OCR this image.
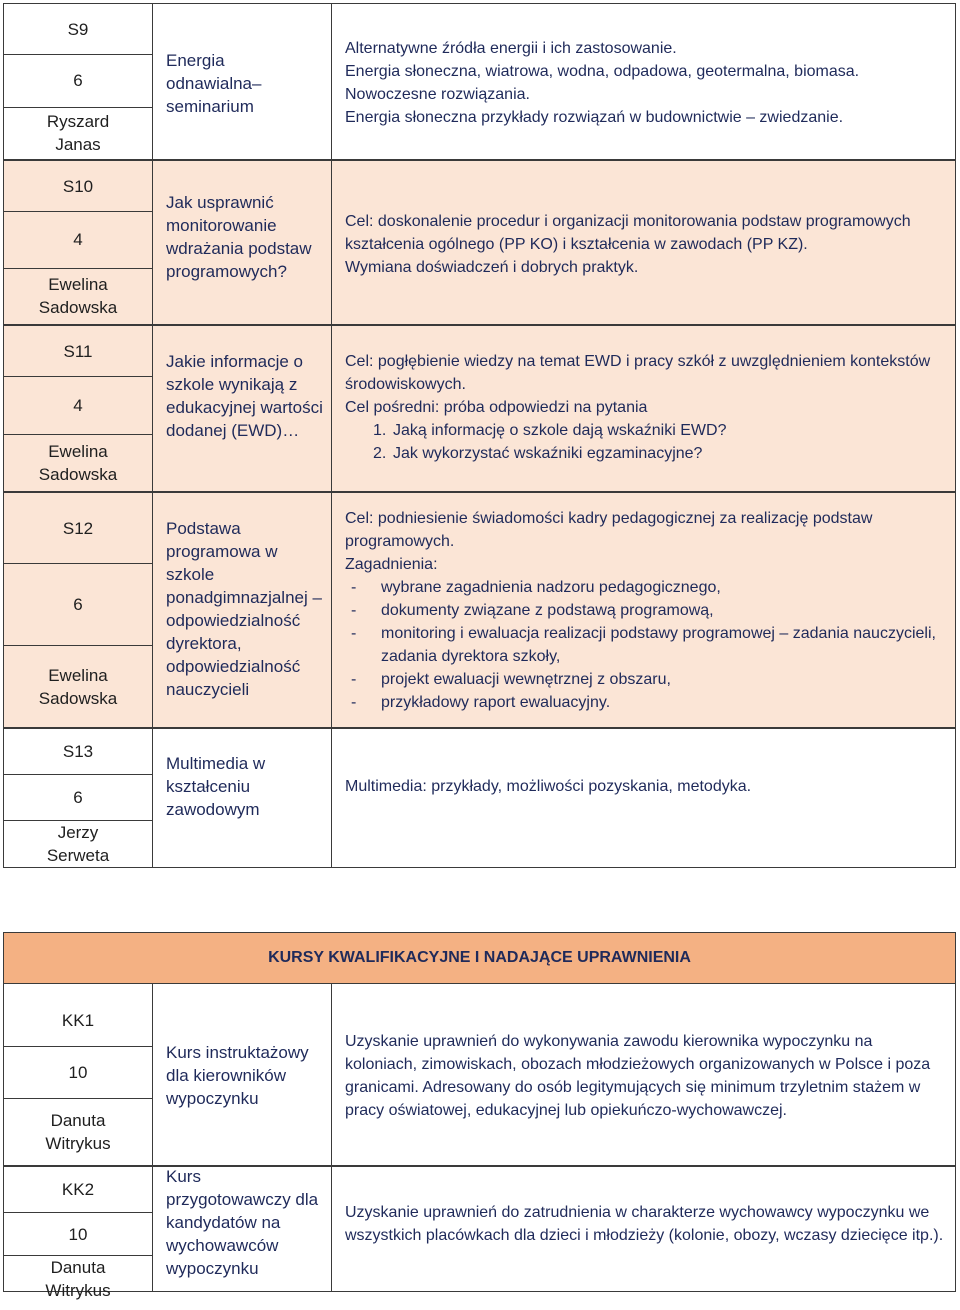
S9
6
Ryszard Janas
Energia odnawialna– seminarium

Alternatywne źródła energii i ich zastosowanie.

Energia słoneczna, wiatrowa, wodna, odpadowa, geotermalna, biomasa.

Nowoczesne rozwiązania.

Energia słoneczna przykłady rozwiązań w budownictwie – zwiedzanie.

S10
4
Ewelina Sadowska
Jak usprawnić monitorowanie wdrażania podstaw programowych?

Cel: doskonalenie procedur i organizacji monitorowania podstaw programowych kształcenia ogólnego (PP KO) i kształcenia w zawodach (PP KZ).

Wymiana doświadczeń i dobrych praktyk.

S11
4
Ewelina Sadowska
Jakie informacje o szkole wynikają z edukacyjnej wartości dodanej (EWD)…

Cel: pogłębienie wiedzy na temat EWD i pracy szkół z uwzględnieniem kontekstów środowiskowych.

Cel pośredni: próba odpowiedzi na pytania

1. Jaką informację o szkole dają wskaźniki EWD?
2. Jak wykorzystać wskaźniki egzaminacyjne?
S12
6
Ewelina Sadowska
Podstawa programowa w szkole ponadgimnazjalnej – odpowiedzialność dyrektora, odpowiedzialność nauczycieli

Cel: podniesienie świadomości kadry pedagogicznej za realizację podstaw programowych.

Zagadnienia:

- wybrane zagadnienia nadzoru pedagogicznego,
- dokumenty związane z podstawą programową,
- monitoring i ewaluacja realizacji podstawy programowej – zadania nauczycieli, zadania dyrektora szkoły,
- projekt ewaluacji wewnętrznej z obszaru,
- przykładowy raport ewaluacyjny.
S13
6
Jerzy Serweta
Multimedia w kształceniu zawodowym

Multimedia: przykłady, możliwości pozyskania, metodyka.

KURSY KWALIFIKACYJNE I NADAJĄCE UPRAWNIENIA
KK1
10
Danuta Witrykus
Kurs instruktażowy dla kierowników wypoczynku
Uzyskanie uprawnień do wykonywania zawodu kierownika wypoczynku na koloniach, zimowiskach, obozach młodzieżowych organizowanych w Polsce i poza granicami. Adresowany do osób legitymujących się minimum trzyletnim stażem w pracy oświatowej, edukacyjnej lub opiekuńczo-wychowawczej.
KK2
10
Danuta Witrykus
Kurs przygotowawczy dla kandydatów na wychowawców wypoczynku
Uzyskanie uprawnień do zatrudnienia w charakterze wychowawcy wypoczynku we wszystkich placówkach dla dzieci i młodzieży (kolonie, obozy, wczasy dziecięce itp.).
